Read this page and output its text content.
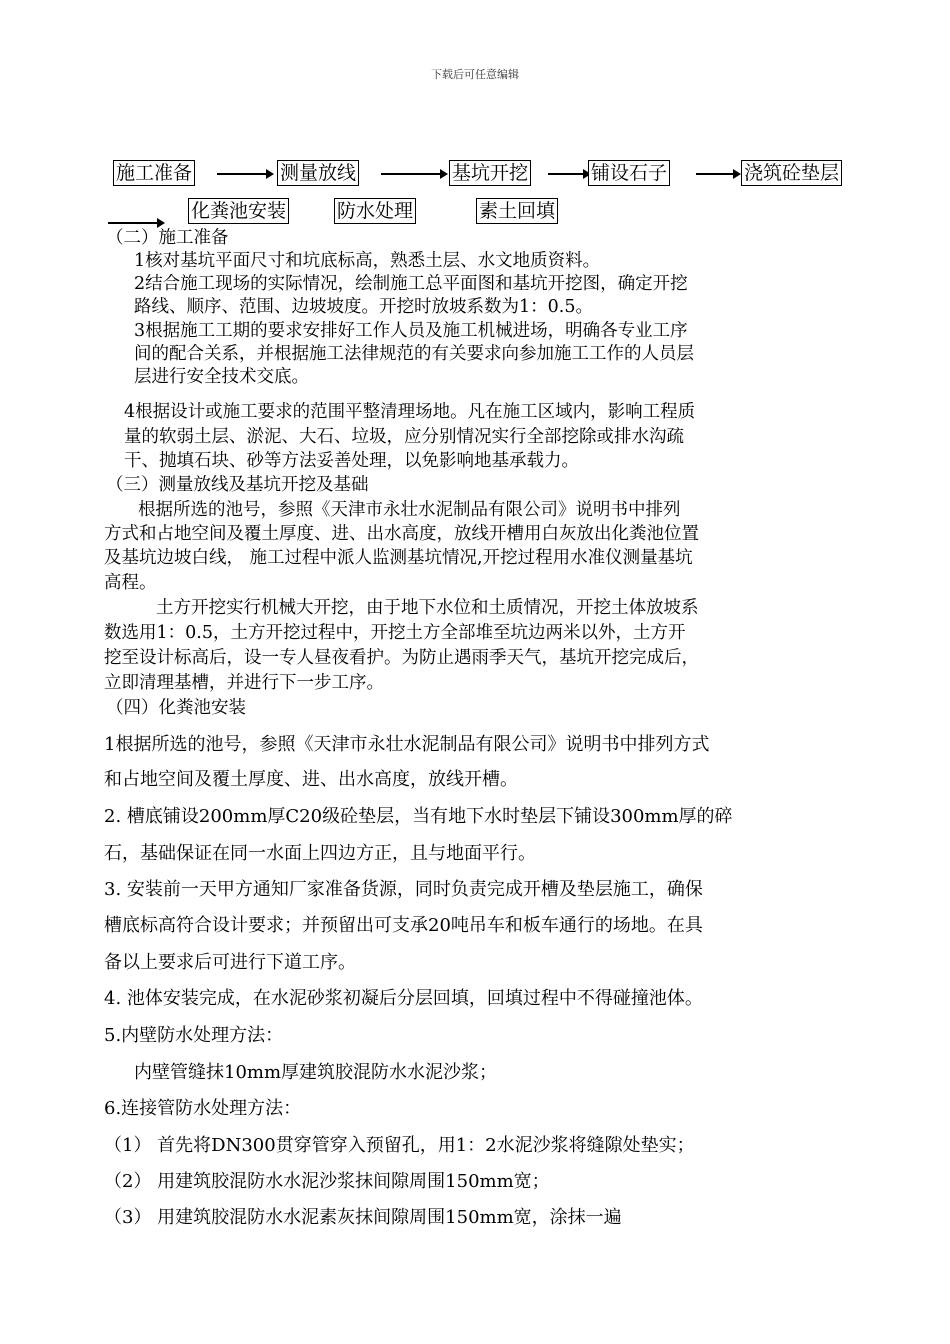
下载后可任意编辑
施工准备	测量放线	基坑开挖	铺设石子	浇筑砼垫层
化粪池安装	防水处理	素土回填
（二）施工准备
1核对基坑平面尺寸和坑底标高，熟悉土层、水文地质资料。
2结合施工现场的实际情况，绘制施工总平面图和基坑开挖图，确定开挖
路线、顺序、范围、边坡坡度。开挖时放坡系数为1：0.5。
3根据施工工期的要求安排好工作人员及施工机械进场，明确各专业工序
间的配合关系，并根据施工法律规范的有关要求向参加施工工作的人员层
层进行安全技术交底。
4根据设计或施工要求的范围平整清理场地。凡在施工区域内，影响工程质
量的软弱土层、淤泥、大石、垃圾，应分别情况实行全部挖除或排水沟疏
干、抛填石块、砂等方法妥善处理，以免影响地基承载力。
（三）测量放线及基坑开挖及基础
根据所选的池号，参照《天津市永壮水泥制品有限公司》说明书中排列
方式和占地空间及覆土厚度、进、出水高度，放线开槽用白灰放出化粪池位置
及基坑边坡白线， 施工过程中派人监测基坑情况,开挖过程用水准仪测量基坑
高程。
土方开挖实行机械大开挖，由于地下水位和土质情况，开挖土体放坡系
数选用1：0.5，土方开挖过程中，开挖土方全部堆至坑边两米以外，土方开
挖至设计标高后，设一专人昼夜看护。为防止遇雨季天气，基坑开挖完成后，
立即清理基槽，并进行下一步工序。
（四）化粪池安装
1根据所选的池号，参照《天津市永壮水泥制品有限公司》说明书中排列方式
和占地空间及覆土厚度、进、出水高度，放线开槽。
2. 槽底铺设200mm厚C20级砼垫层，当有地下水时垫层下铺设300mm厚的碎
石，基础保证在同一水面上四边方正，且与地面平行。
3. 安装前一天甲方通知厂家准备货源，同时负责完成开槽及垫层施工，确保
槽底标高符合设计要求；并预留出可支承20吨吊车和板车通行的场地。在具
备以上要求后可进行下道工序。
4. 池体安装完成，在水泥砂浆初凝后分层回填，回填过程中不得碰撞池体。
5.内壁防水处理方法：
内壁管缝抹10mm厚建筑胶混防水水泥沙浆；
6.连接管防水处理方法：
（1） 首先将DN300贯穿管穿入预留孔，用1：2水泥沙浆将缝隙处垫实；
（2） 用建筑胶混防水水泥沙浆抹间隙周围150mm宽；
（3） 用建筑胶混防水水泥素灰抹间隙周围150mm宽，涂抹一遍
